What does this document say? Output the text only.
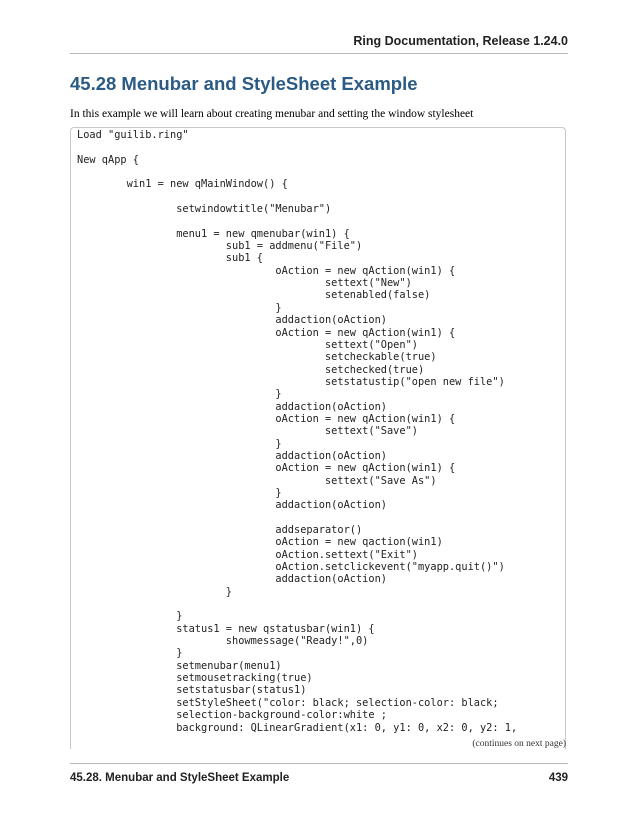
Ring Documentation, Release 1.24.0
45.28 Menubar and StyleSheet Example

In this example we will learn about creating menubar and setting the window stylesheet

Load "guilib.ring"

New qApp {

	win1 = new qMainWindow() {

		setwindowtitle("Menubar")

		menu1 = new qmenubar(win1) {
			sub1 = addmenu("File")
			sub1 {
				oAction = new qAction(win1) {
					settext("New")
					setenabled(false)
				}
				addaction(oAction)
				oAction = new qAction(win1) {
					settext("Open")
					setcheckable(true)
					setchecked(true)
					setstatustip("open new file")
				}
				addaction(oAction)
				oAction = new qAction(win1) {
					settext("Save")
				}
				addaction(oAction)
				oAction = new qAction(win1) {
					settext("Save As")
				}
				addaction(oAction)

				addseparator()
				oAction = new qaction(win1)
				oAction.settext("Exit")
				oAction.setclickevent("myapp.quit()")
				addaction(oAction)
			}

		}
		status1 = new qstatusbar(win1) {
			showmessage("Ready!",0)
		}
		setmenubar(menu1)
		setmousetracking(true)
		setstatusbar(status1)
		setStyleSheet("color: black; selection-color: black;
		selection-background-color:white ;
		background: QLinearGradient(x1: 0, y1: 0, x2: 0, y2: 1,
(continues on next page)
45.28. Menubar and StyleSheet Example	439
